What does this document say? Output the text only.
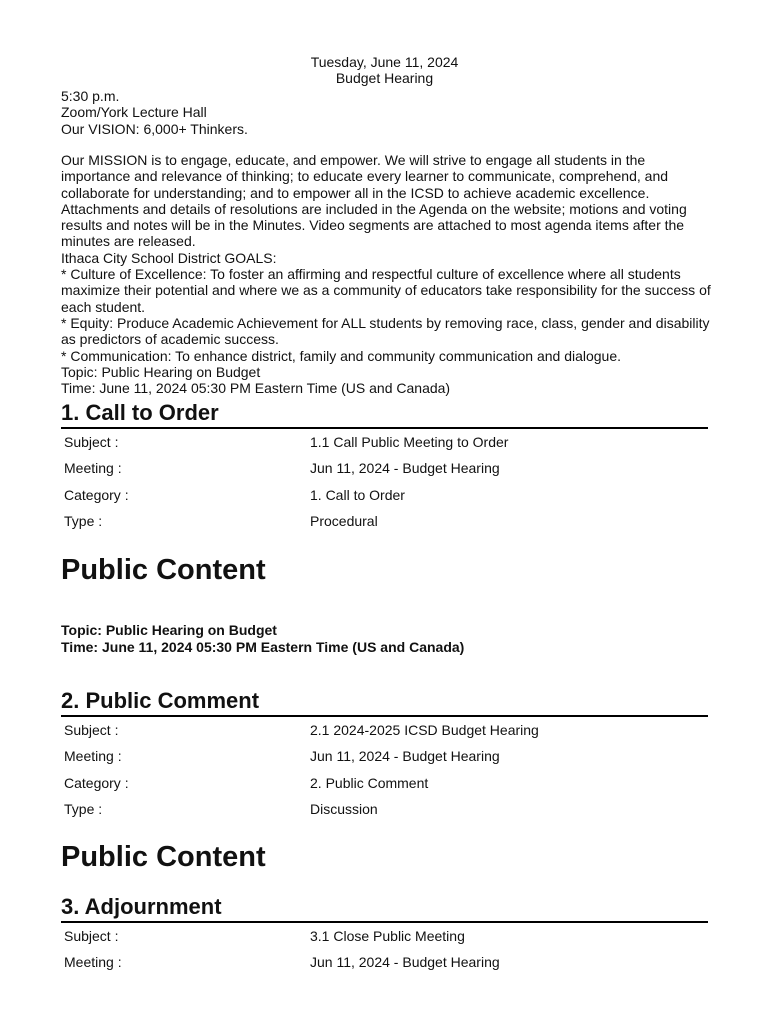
Tuesday, June 11, 2024
Budget Hearing
5:30 p.m.
Zoom/York Lecture Hall
Our VISION: 6,000+ Thinkers.
Our MISSION is to engage, educate, and empower. We will strive to engage all students in the
importance and relevance of thinking; to educate every learner to communicate, comprehend, and
collaborate for understanding; and to empower all in the ICSD to achieve academic excellence.
Attachments and details of resolutions are included in the Agenda on the website; motions and voting
results and notes will be in the Minutes. Video segments are attached to most agenda items after the
minutes are released.
Ithaca City School District GOALS:
* Culture of Excellence: To foster an affirming and respectful culture of excellence where all students
maximize their potential and where we as a community of educators take responsibility for the success of
each student.
* Equity: Produce Academic Achievement for ALL students by removing race, class, gender and disability
as predictors of academic success.
* Communication: To enhance district, family and community communication and dialogue.
Topic: Public Hearing on Budget
Time: June 11, 2024 05:30 PM Eastern Time (US and Canada)
1. Call to Order
Subject :	1.1 Call Public Meeting to Order
Meeting :	Jun 11, 2024 - Budget Hearing
Category :	1. Call to Order
Type :	Procedural
Public Content
Topic: Public Hearing on Budget
Time: June 11, 2024 05:30 PM Eastern Time (US and Canada)
2. Public Comment
Subject :	2.1 2024-2025 ICSD Budget Hearing
Meeting :	Jun 11, 2024 - Budget Hearing
Category :	2. Public Comment
Type :	Discussion
Public Content
3. Adjournment
Subject :	3.1 Close Public Meeting
Meeting :	Jun 11, 2024 - Budget Hearing
